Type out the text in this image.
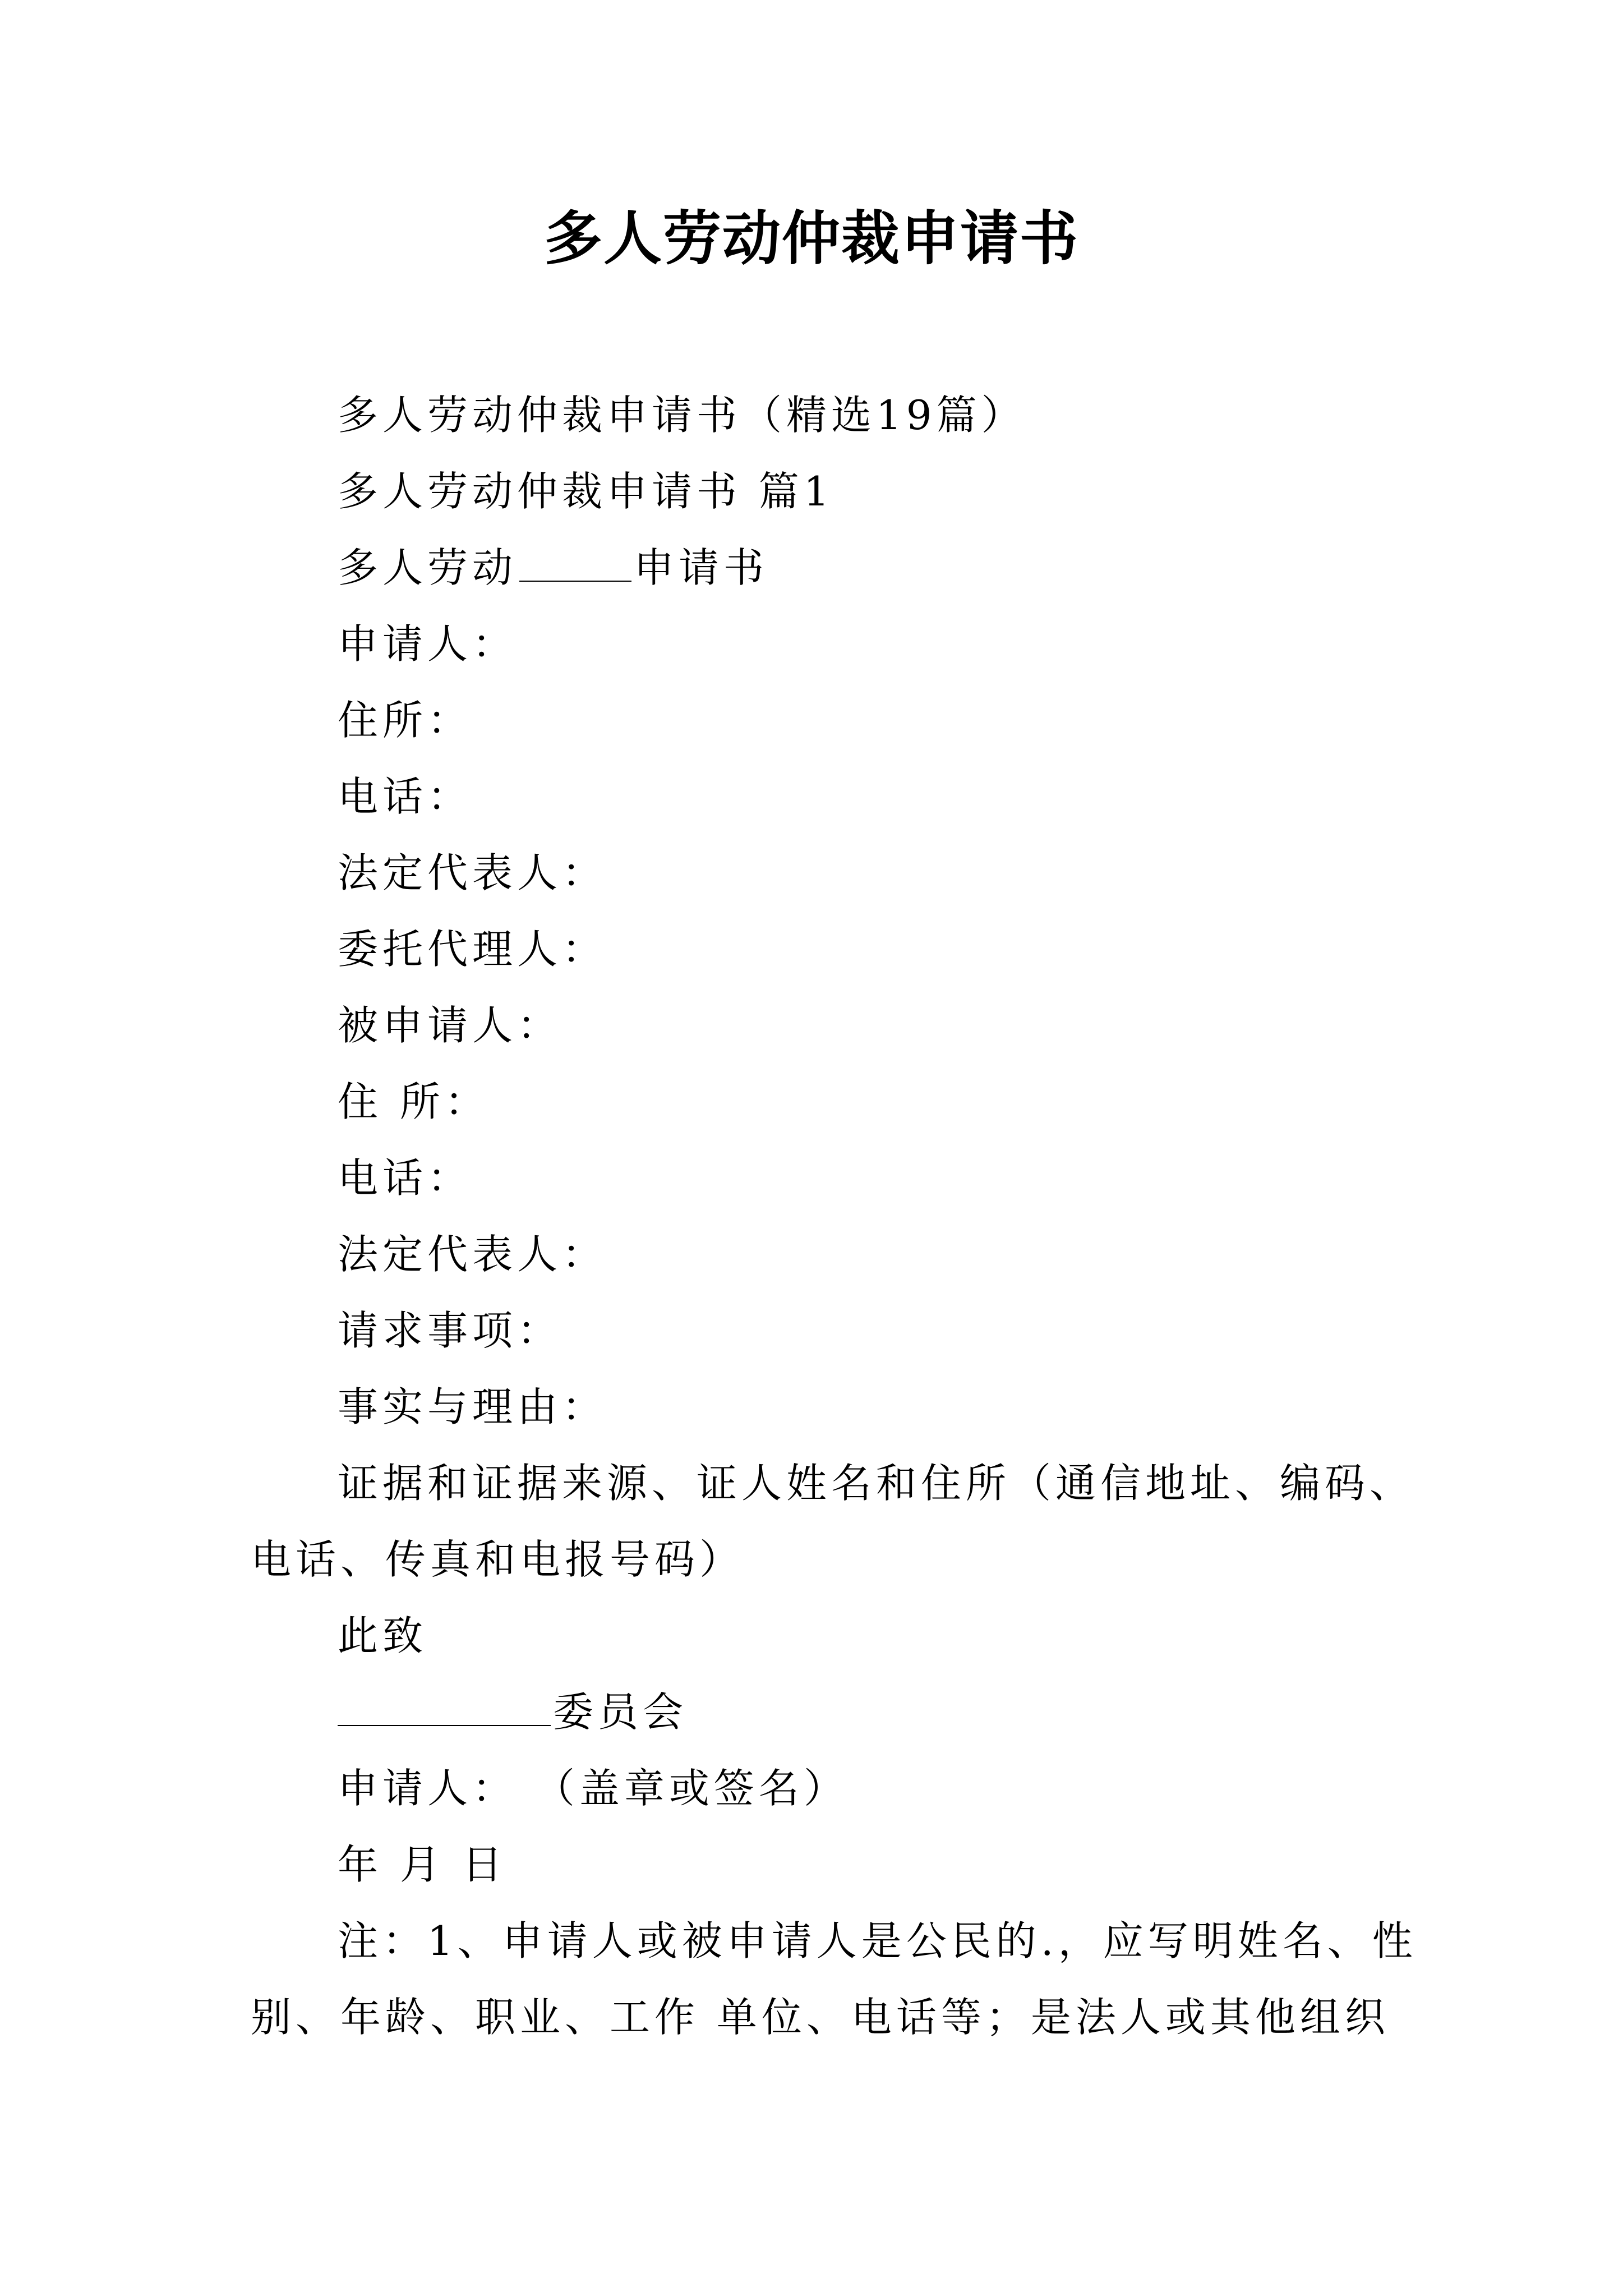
多人劳动仲裁申请书
多人劳动仲裁申请书（精选19篇）
多人劳动仲裁申请书 篇1
多人劳动	申请书
申请人：
住所：
电话：
法定代表人：
委托代理人：
被申请人：
住 所：
电话：
法定代表人：
请求事项：
事实与理由：
证据和证据来源、证人姓名和住所（通信地址、编码、
电话、传真和电报号码）
此致
委员会
申请人： （盖章或签名）
年 月 日
注：1、申请人或被申请人是公民的.，应写明姓名、性
别、年龄、职业、工作 单位、电话等；是法人或其他组织
